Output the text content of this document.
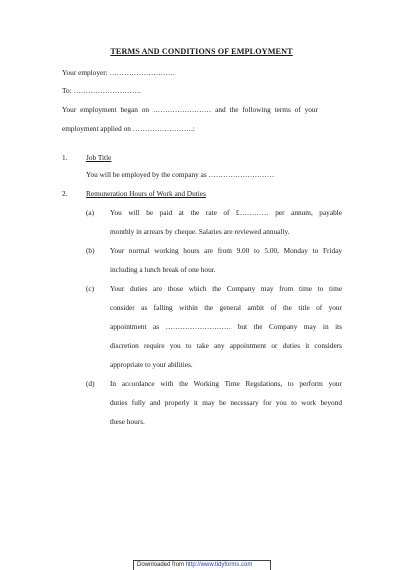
TERMS AND CONDITIONS OF EMPLOYMENT
Your employer: ………………………
To: ……………………….
Your employment began on …………………… and the following terms of your
employment applied on …………………….:
1.	Job Title
You will be employed by the company as ………………………
2.	Remuneration Hours of Work and Duties
(a) You will be paid at the rate of £………… per annum, payable
monthly in arrears by cheque. Salaries are reviewed annually.
(b) Your normal working hours are from 9.00 to 5.00, Monday to Friday
including a lunch break of one hour.
(c) Your duties are those which the Company may from time to time
consider as falling within the general ambit of the title of your
appointment as ……………………… but the Company may in its
discretion require you to take any appointment or duties it considers
appropriate to your abilities.
(d) In accordance with the Working Time Regulations, to perform your
duties fully and properly it may be necessary for you to work beyond
these hours.
Downloaded from http://www.tidyforms.com
